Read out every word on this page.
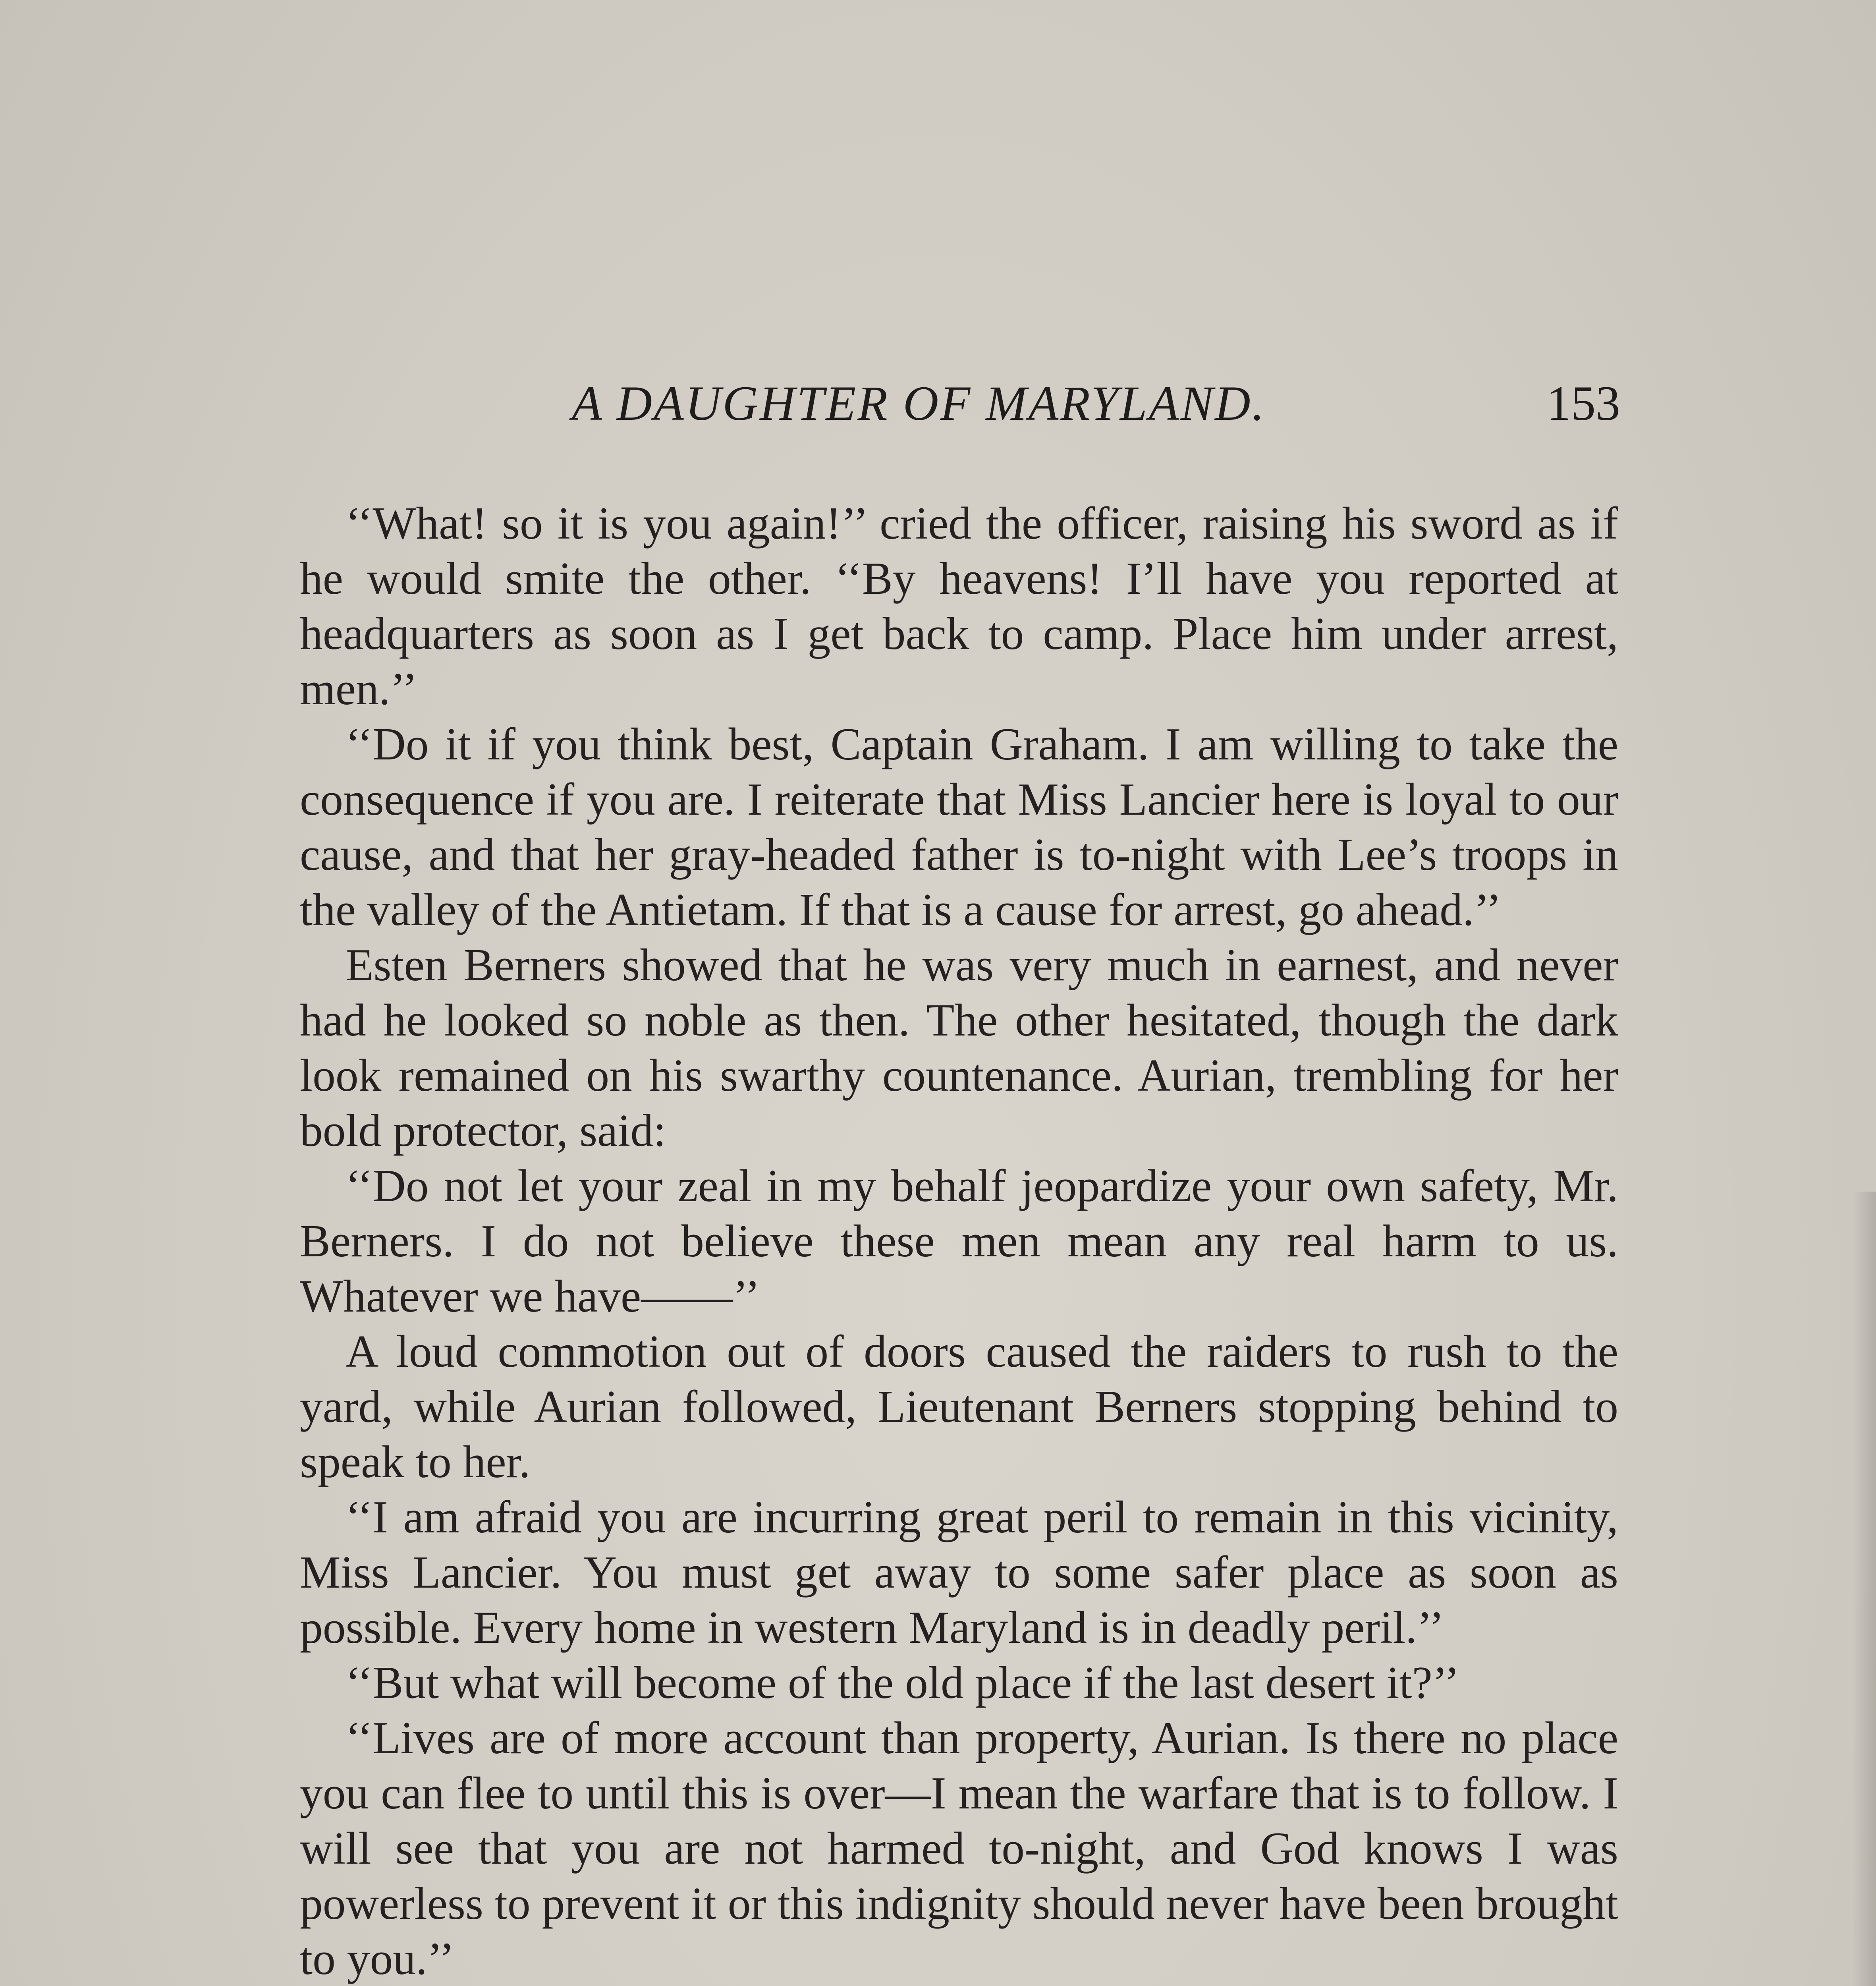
A DAUGHTER OF MARYLAND.	153

‘‘What! so it is you again!’’ cried the officer, raising his sword as if he would smite the other. ‘‘By heavens! I’ll have you reported at headquarters as soon as I get back to camp. Place him under arrest, men.’’

‘‘Do it if you think best, Captain Graham. I am willing to take the consequence if you are. I reiterate that Miss Lancier here is loyal to our cause, and that her gray-headed father is to-night with Lee’s troops in the valley of the Antietam. If that is a cause for arrest, go ahead.’’

Esten Berners showed that he was very much in earnest, and never had he looked so noble as then. The other hesitated, though the dark look remained on his swarthy countenance. Aurian, trembling for her bold protector, said:

‘‘Do not let your zeal in my behalf jeopardize your own safety, Mr. Berners. I do not believe these men mean any real harm to us. Whatever we have——’’

A loud commotion out of doors caused the raiders to rush to the yard, while Aurian followed, Lieutenant Berners stopping behind to speak to her.

‘‘I am afraid you are incurring great peril to remain in this vicinity, Miss Lancier. You must get away to some safer place as soon as possible. Every home in western Maryland is in deadly peril.’’

‘‘But what will become of the old place if the last desert it?’’

‘‘Lives are of more account than property, Aurian. Is there no place you can flee to until this is over—I mean the warfare that is to follow. I will see that you are not harmed to-night, and God knows I was powerless to prevent it or this indignity should never have been brought to you.’’
